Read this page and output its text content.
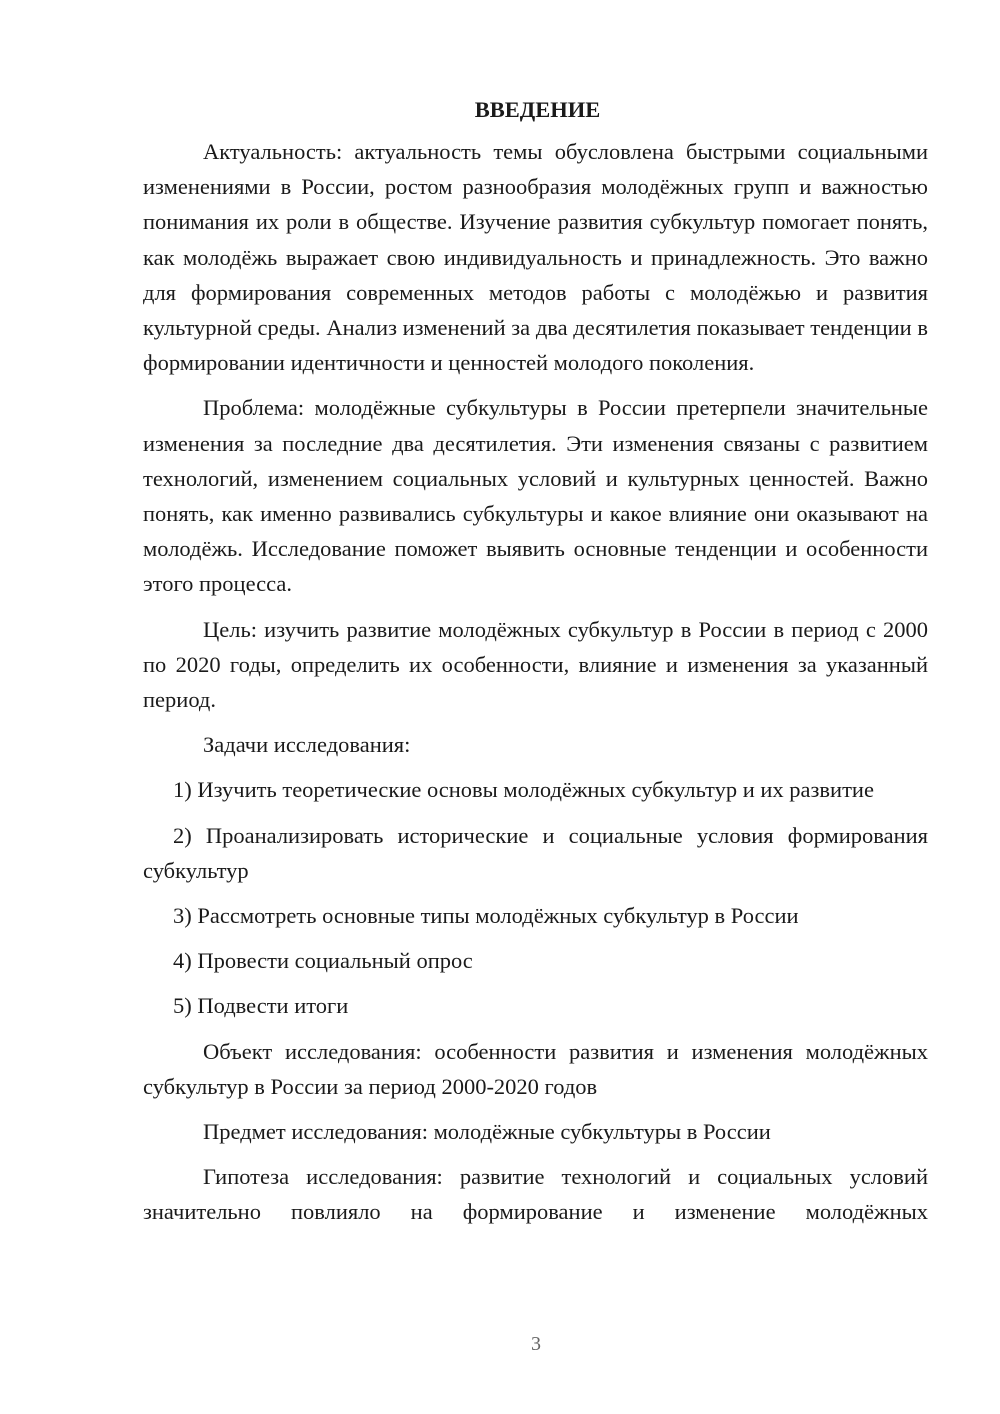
ВВЕДЕНИЕ

Актуальность: актуальность темы обусловлена быстрыми социальными изменениями в России, ростом разнообразия молодёжных групп и важностью понимания их роли в обществе. Изучение развития субкультур помогает понять, как молодёжь выражает свою индивидуальность и принадлежность. Это важно для формирования современных методов работы с молодёжью и развития культурной среды. Анализ изменений за два десятилетия показывает тенденции в формировании идентичности и ценностей молодого поколения.

Проблема: молодёжные субкультуры в России претерпели значительные изменения за последние два десятилетия. Эти изменения связаны с развитием технологий, изменением социальных условий и культурных ценностей. Важно понять, как именно развивались субкультуры и какое влияние они оказывают на молодёжь. Исследование поможет выявить основные тенденции и особенности этого процесса.

Цель: изучить развитие молодёжных субкультур в России в период с 2000 по 2020 годы, определить их особенности, влияние и изменения за указанный период.

Задачи исследования:

1) Изучить теоретические основы молодёжных субкультур и их развитие

2) Проанализировать исторические и социальные условия формирования субкультур

3) Рассмотреть основные типы молодёжных субкультур в России

4) Провести социальный опрос

5) Подвести итоги

Объект исследования: особенности развития и изменения молодёжных субкультур в России за период 2000-2020 годов

Предмет исследования: молодёжные субкультуры в России

Гипотеза исследования: развитие технологий и социальных условий значительно повлияло на формирование и изменение молодёжных

3
